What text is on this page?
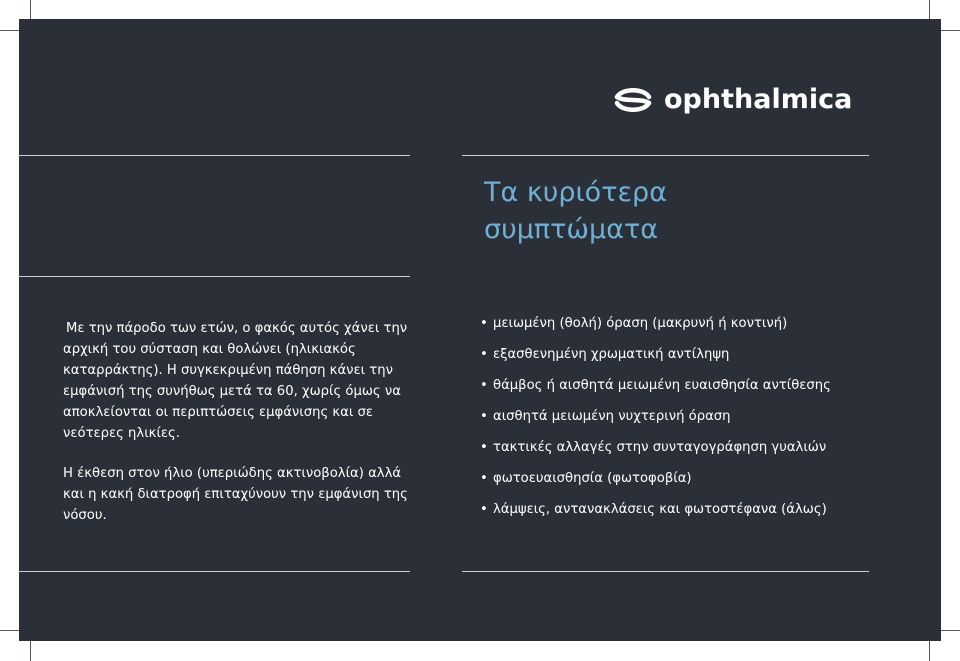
ophthalmica
Τα κυριότερα
συμπτώματα

Με την πάροδο των ετών, ο φακός αυτός χάνει την αρχική του σύσταση και θολώνει (ηλικιακός καταρράκτης). Η συγκεκριμένη πάθηση κάνει την εμφάνισή της συνήθως μετά τα 60, χωρίς όμως να αποκλείονται οι περιπτώσεις εμφάνισης και σε νεότερες ηλικίες.

Η έκθεση στον ήλιο (υπεριώδης ακτινοβολία) αλλά και η κακή διατροφή επιταχύνουν την εμφάνιση της νόσου.

• μειωμένη (θολή) όραση (μακρυνή ή κοντινή)
• εξασθενημένη χρωματική αντίληψη
• θάμβος ή αισθητά μειωμένη ευαισθησία αντίθεσης
• αισθητά μειωμένη νυχτερινή όραση
• τακτικές αλλαγές στην συνταγογράφηση γυαλιών
• φωτοευαισθησία (φωτοφοβία)
• λάμψεις, αντανακλάσεις και φωτοστέφανα (άλως)
